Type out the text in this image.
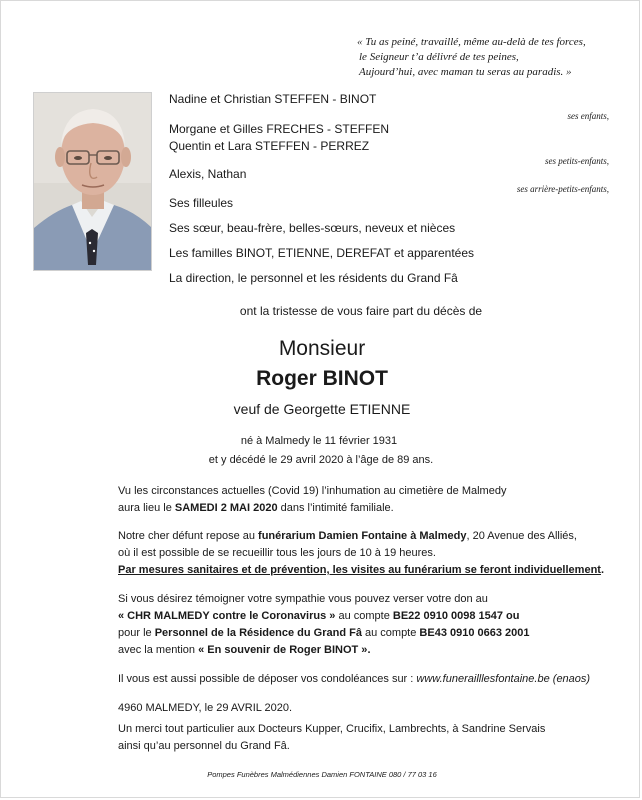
« Tu as peiné, travaillé, même au-delà de tes forces,
le Seigneur t’a délivré de tes peines,
Aujourd’hui, avec maman tu seras au paradis. »
Nadine et Christian STEFFEN - BINOT
ses enfants,
Morgane et Gilles FRECHES - STEFFEN
Quentin et Lara STEFFEN - PERREZ
ses petits-enfants,
Alexis, Nathan
ses arrière-petits-enfants,
Ses filleules
Ses sœur, beau-frère, belles-sœurs, neveux et nièces
Les familles BINOT, ETIENNE, DEREFAT et apparentées
La direction, le personnel et les résidents du Grand Fâ
ont la tristesse de vous faire part du décès de
Monsieur
Roger BINOT
veuf de Georgette ETIENNE
né à Malmedy le 11 février 1931
et y décédé le 29 avril 2020 à l’âge de 89 ans.
Vu les circonstances actuelles (Covid 19) l’inhumation au cimetière de Malmedy
aura lieu le SAMEDI 2 MAI 2020 dans l’intimité familiale.
Notre cher défunt repose au funérarium Damien Fontaine à Malmedy, 20 Avenue des Alliés,
où il est possible de se recueillir tous les jours de 10 à 19 heures.
Par mesures sanitaires et de prévention, les visites au funérarium se feront individuellement.
Si vous désirez témoigner votre sympathie vous pouvez verser votre don au
« CHR MALMEDY contre le Coronavirus » au compte BE22 0910 0098 1547 ou
pour le Personnel de la Résidence du Grand Fâ au compte BE43 0910 0663 2001
avec la mention « En souvenir de Roger BINOT ».
Il vous est aussi possible de déposer vos condoléances sur : www.funerailllesfontaine.be (enaos)
4960 MALMEDY, le 29 AVRIL 2020.
Un merci tout particulier aux Docteurs Kupper, Crucifix, Lambrechts, à Sandrine Servais
ainsi qu’au personnel du Grand Fâ.
Pompes Funèbres Malmédiennes Damien FONTAINE 080 / 77 03 16
